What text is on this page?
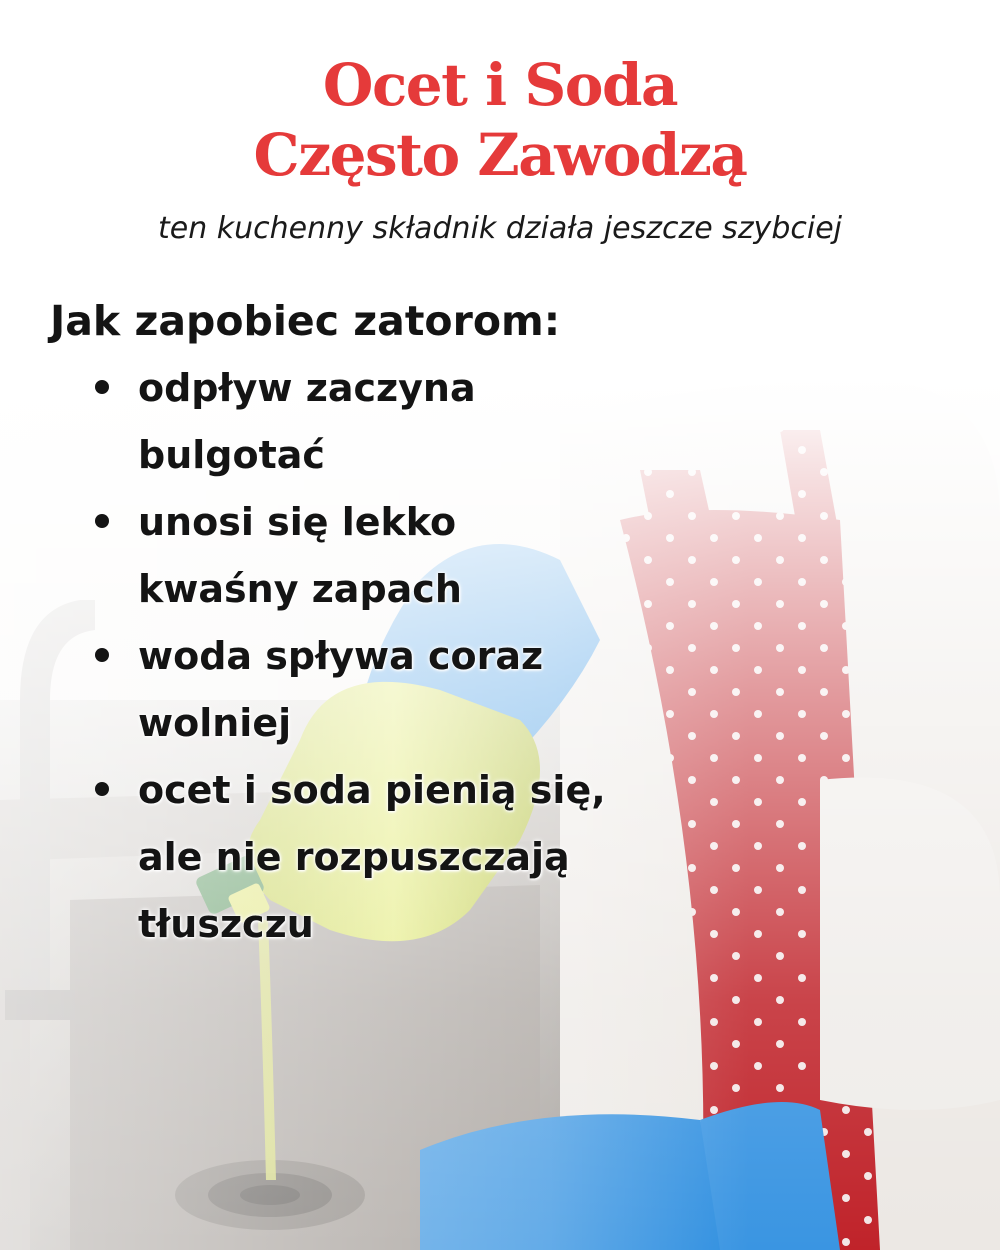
Ocet i Soda
Często Zawodzą
ten kuchenny składnik działa jeszcze szybciej
Jak zapobiec zatorom:
odpływ zaczyna
bulgotać
unosi się lekko
kwaśny zapach
woda spływa coraz
wolniej
ocet i soda pienią się,
ale nie rozpuszczają
tłuszczu
